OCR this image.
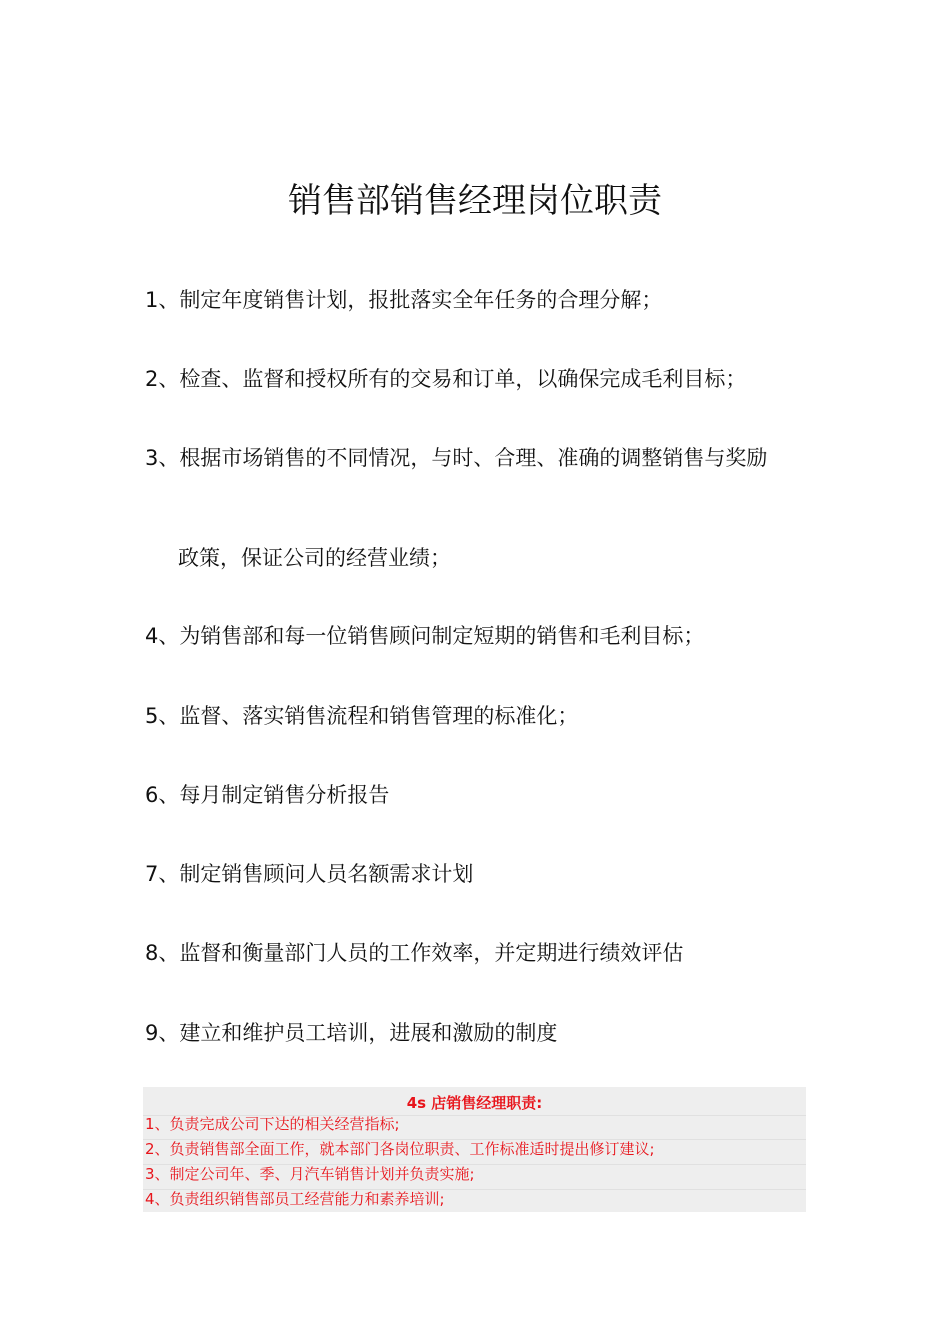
销售部销售经理岗位职责
1、制定年度销售计划，报批落实全年任务的合理分解；
2、检查、监督和授权所有的交易和订单，以确保完成毛利目标；
3、根据市场销售的不同情况，与时、合理、准确的调整销售与奖励
政策，保证公司的经营业绩；
4、为销售部和每一位销售顾问制定短期的销售和毛利目标；
5、监督、落实销售流程和销售管理的标准化；
6、每月制定销售分析报告
7、制定销售顾问人员名额需求计划
8、监督和衡量部门人员的工作效率，并定期进行绩效评估
9、建立和维护员工培训，进展和激励的制度
4s 店销售经理职责:
1、负责完成公司下达的相关经营指标;
2、负责销售部全面工作，就本部门各岗位职责、工作标准适时提出修订建议;
3、制定公司年、季、月汽车销售计划并负责实施;
4、负责组织销售部员工经营能力和素养培训;
